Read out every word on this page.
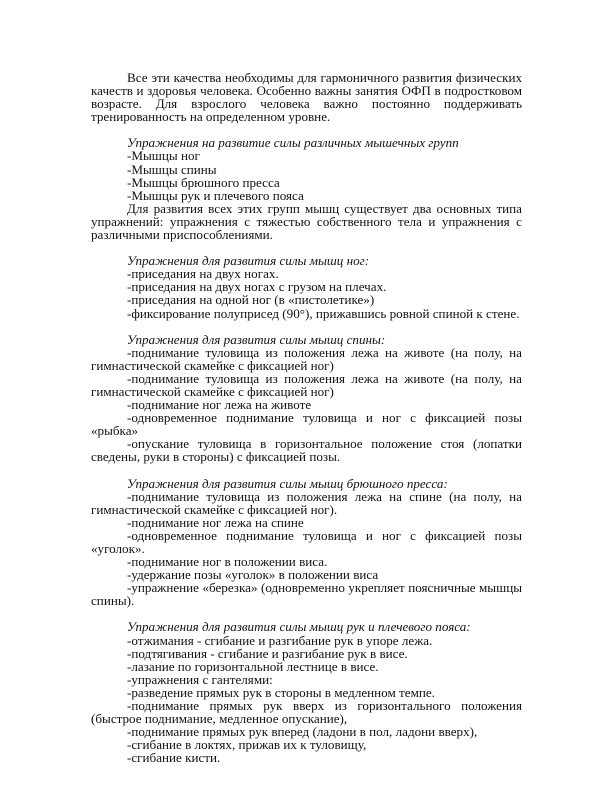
Все эти качества необходимы для гармоничного развития физических качеств и здоровья человека. Особенно важны занятия ОФП в подростковом возрасте. Для взрослого человека важно постоянно поддерживать тренированность на определенном уровне.

Упражнения на развитие силы различных мышечных групп

-Мышцы ног

-Мышцы спины

-Мышцы брюшного пресса

-Мышцы рук и плечевого пояса

Для развития всех этих групп мышц существует два основных типа упражнений: упражнения с тяжестью собственного тела и упражнения с различными приспособлениями.

Упражнения для развития силы мышц ног:

-приседания на двух ногах.

-приседания на двух ногах с грузом на плечах.

-приседания на одной ног (в «пистолетике»)

-фиксирование полуприсед (90°), прижавшись ровной спиной к стене.

Упражнения для развития силы мышц спины:

-поднимание туловища из положения лежа на животе (на полу, на гимнастической скамейке с фиксацией ног)

-поднимание туловища из положения лежа на животе (на полу, на гимнастической скамейке с фиксацией ног)

-поднимание ног лежа на животе

-одновременное поднимание туловища и ног с фиксацией позы «рыбка»

-опускание туловища в горизонтальное положение стоя (лопатки сведены, руки в стороны) с фиксацией позы.

Упражнения для развития силы мышц брюшного пресса:

-поднимание туловища из положения лежа на спине (на полу, на гимнастической скамейке с фиксацией ног).

-поднимание ног лежа на спине

-одновременное поднимание туловища и ног с фиксацией позы «уголок».

-поднимание ног в положении виса.

-удержание позы «уголок» в положении виса

-упражнение «березка» (одновременно укрепляет поясничные мышцы спины).

Упражнения для развития силы мышц рук и плечевого пояса:

-отжимания - сгибание и разгибание рук в упоре лежа.

-подтягивания - сгибание и разгибание рук в висе.

-лазание по горизонтальной лестнице в висе.

-упражнения с гантелями:

-разведение прямых рук в стороны в медленном темпе.

-поднимание прямых рук вверх из горизонтального положения (быстрое поднимание, медленное опускание),

-поднимание прямых рук вперед (ладони в пол, ладони вверх),

-сгибание в локтях, прижав их к туловищу,

-сгибание кисти.
